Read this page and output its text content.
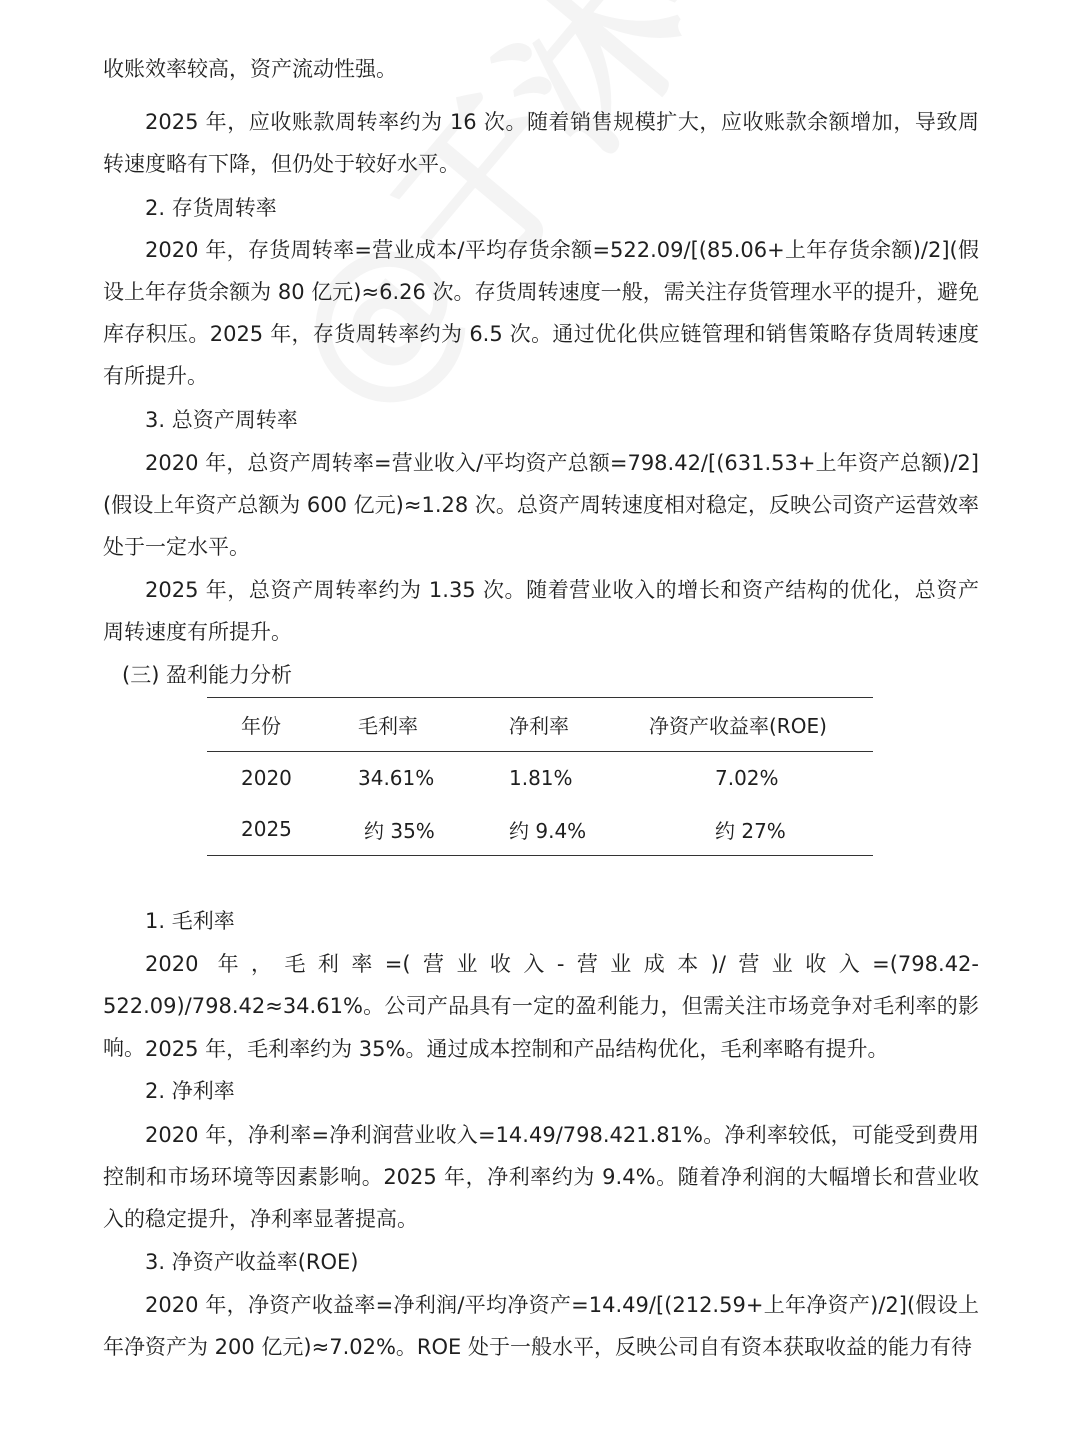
收账效率较高，资产流动性强。

2025 年，应收账款周转率约为 16 次。随着销售规模扩大，应收账款余额增加，导致周转速度略有下降，但仍处于较好水平。

2. 存货周转率

2020 年，存货周转率=营业成本/平均存货余额=522.09/[(85.06+上年存货余额)/2](假设上年存货余额为 80 亿元)≈6.26 次。存货周转速度一般，需关注存货管理水平的提升，避免库存积压。2025 年，存货周转率约为 6.5 次。通过优化供应链管理和销售策略存货周转速度有所提升。

3. 总资产周转率

2020 年，总资产周转率=营业收入/平均资产总额=798.42/[(631.53+上年资产总额)/2](假设上年资产总额为 600 亿元)≈1.28 次。总资产周转速度相对稳定，反映公司资产运营效率处于一定水平。

2025 年，总资产周转率约为 1.35 次。随着营业收入的增长和资产结构的优化，总资产周转速度有所提升。

(三) 盈利能力分析

年份	毛利率	净利率	净资产收益率(ROE)
2020	34.61%	1.81%	7.02%
2025	约 35%	约 9.4%	约 27%

1. 毛利率

2020 年，毛利率=(营业收入-营业成本)/营业收入=(798.42-522.09)/798.42≈34.61%。公司产品具有一定的盈利能力，但需关注市场竞争对毛利率的影响。 2025 年，毛利率约为 35%。通过成本控制和产品结构优化，毛利率略有提升。

2. 净利率

2020 年，净利率=净利润营业收入=14.49/798.421.81%。净利率较低，可能受到费用控制和市场环境等因素影响。2025 年，净利率约为 9.4%。随着净利润的大幅增长和营业收入的稳定提升，净利率显著提高。

3. 净资产收益率(ROE)

2020 年，净资产收益率=净利润/平均净资产=14.49/[(212.59+上年净资产)/2](假设上年净资产为 200 亿元)≈7.02%。ROE 处于一般水平，反映公司自有资本获取收益的能力有待
